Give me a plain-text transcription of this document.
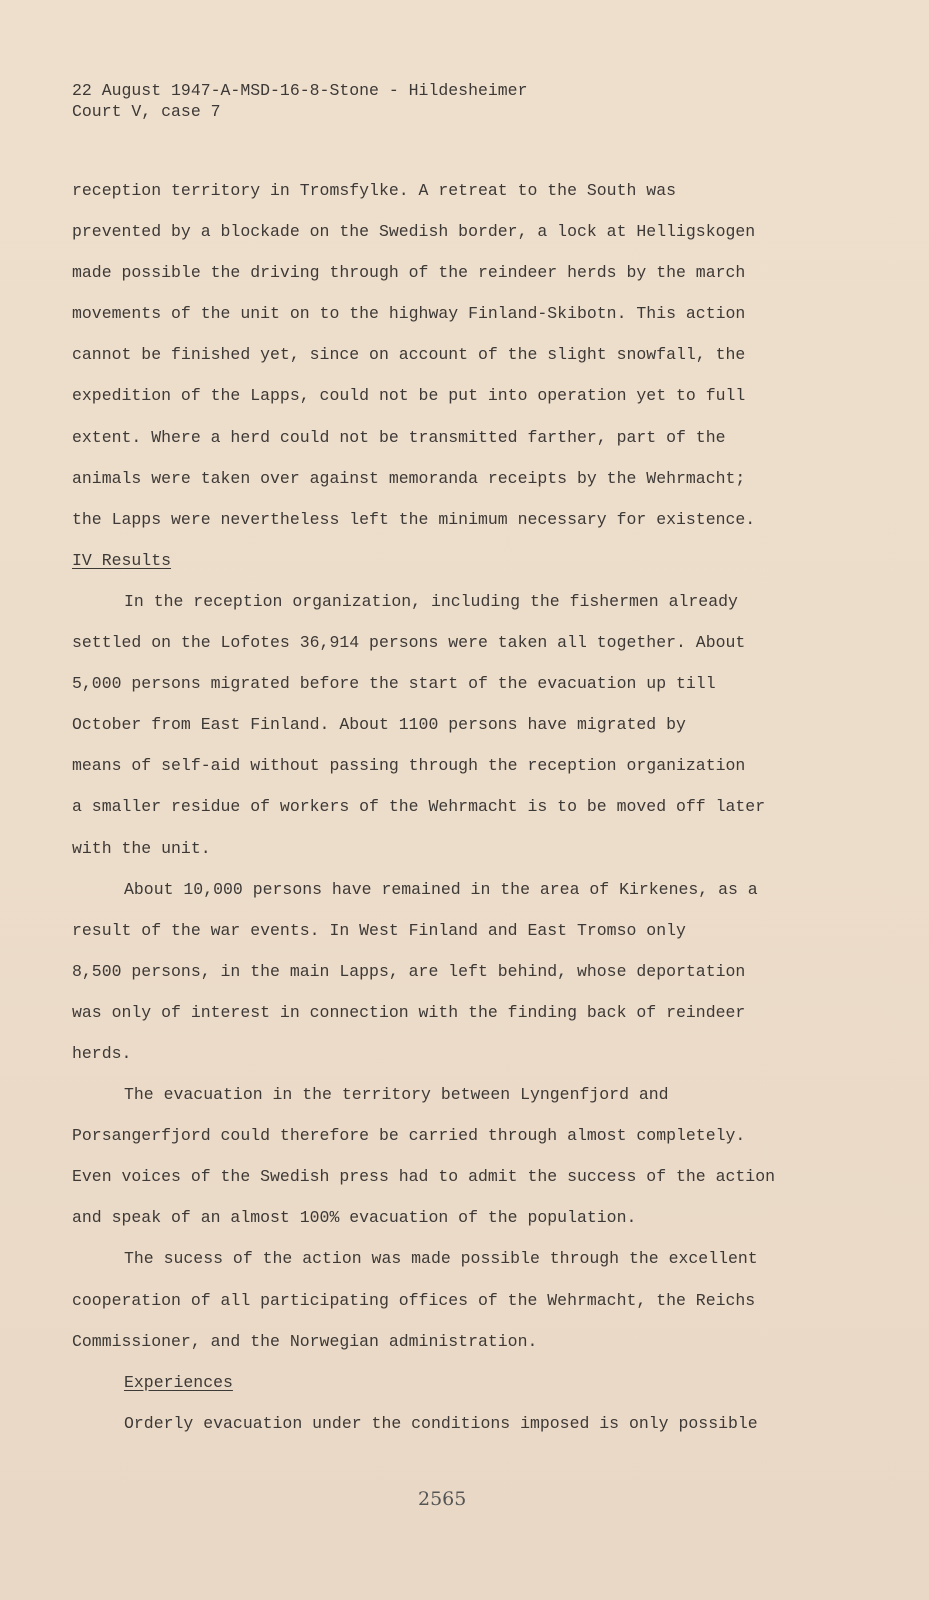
22 August 1947-A-MSD-16-8-Stone - Hildesheimer
Court V, case 7
reception territory in Tromsfylke. A retreat to the South was
prevented by a blockade on the Swedish border, a lock at Helligskogen
made possible the driving through of the reindeer herds by the march
movements of the unit on to the highway Finland-Skibotn. This action
cannot be finished yet, since on account of the slight snowfall, the
expedition of the Lapps, could not be put into operation yet to full
extent. Where a herd could not be transmitted farther, part of the
animals were taken over against memoranda receipts by the Wehrmacht;
the Lapps were nevertheless left the minimum necessary for existence.
IV Results
In the reception organization, including the fishermen already
settled on the Lofotes 36,914 persons were taken all together. About
5,000 persons migrated before the start of the evacuation up till
October from East Finland. About 1100 persons have migrated by
means of self-aid without passing through the reception organization
a smaller residue of workers of the Wehrmacht is to be moved off later
with the unit.
About 10,000 persons have remained in the area of Kirkenes, as a
result of the war events. In West Finland and East Tromso only
8,500 persons, in the main Lapps, are left behind, whose deportation
was only of interest in connection with the finding back of reindeer
herds.
The evacuation in the territory between Lyngenfjord and
Porsangerfjord could therefore be carried through almost completely.
Even voices of the Swedish press had to admit the success of the action
and speak of an almost 100% evacuation of the population.
The sucess of the action was made possible through the excellent
cooperation of all participating offices of the Wehrmacht, the Reichs
Commissioner, and the Norwegian administration.
Experiences
Orderly evacuation under the conditions imposed is only possible
2565
